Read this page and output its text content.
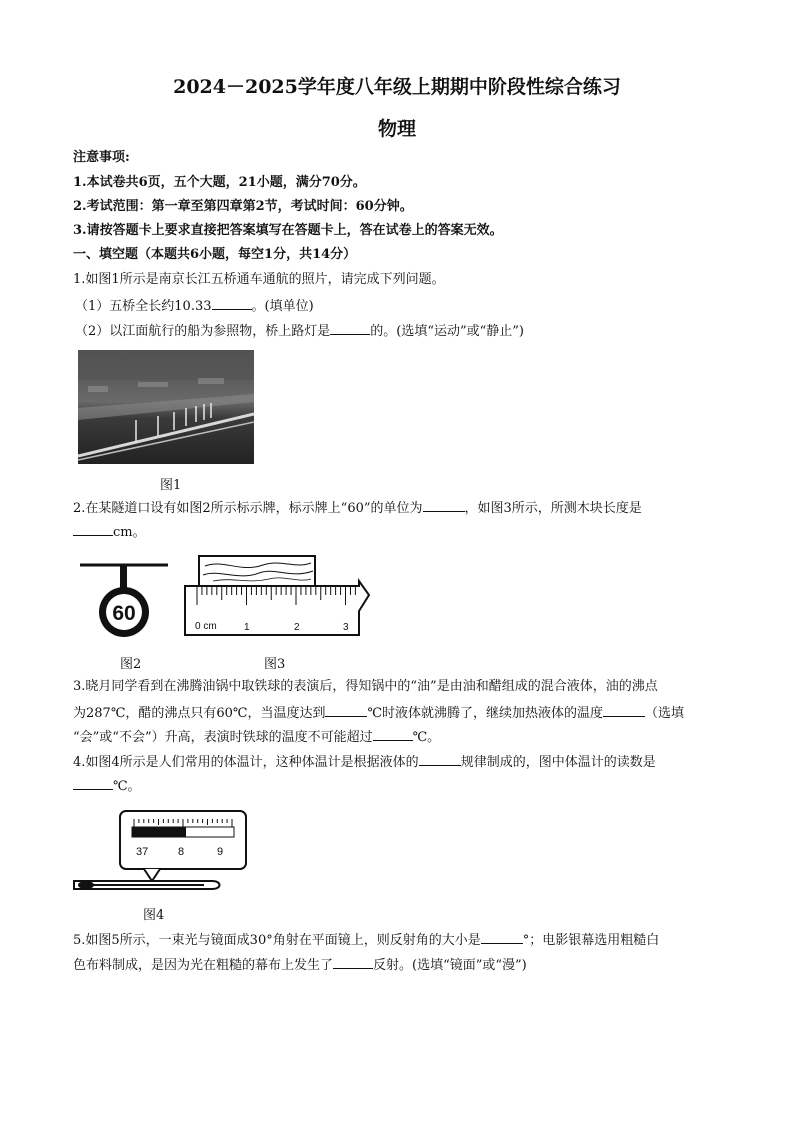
2024－2025学年度八年级上期期中阶段性综合练习
物理
注意事项:
1.本试卷共6页，五个大题，21小题，满分70分。
2.考试范围：第一章至第四章第2节，考试时间：60分钟。
3.请按答题卡上要求直接把答案填写在答题卡上，答在试卷上的答案无效。
一、填空题（本题共6小题，每空1分，共14分）
1.如图1所示是南京长江五桥通车通航的照片，请完成下列问题。
（1）五桥全长约10.33	。(填单位)
（2）以江面航行的船为参照物，桥上路灯是	的。(选填“运动”或“静止”)
图1
2.在某隧道口设有如图2所示标示牌，标示牌上“60”的单位为	，如图3所示，所测木块长度是
cm。
60
图2
0 cm	1	2	3
图3
3.晓月同学看到在沸腾油锅中取铁球的表演后，得知锅中的“油”是由油和醋组成的混合液体，油的沸点
为287℃，醋的沸点只有60℃，当温度达到	℃时液体就沸腾了，继续加热液体的温度	（选填
“会”或“不会”）升高，表演时铁球的温度不可能超过	℃。
4.如图4所示是人们常用的体温计，这种体温计是根据液体的	规律制成的，图中体温计的读数是
℃。
37	8	9
图4
5.如图5所示，一束光与镜面成30°角射在平面镜上，则反射角的大小是	°；电影银幕选用粗糙白
色布料制成，是因为光在粗糙的幕布上发生了	反射。(选填“镜面”或“漫”)
